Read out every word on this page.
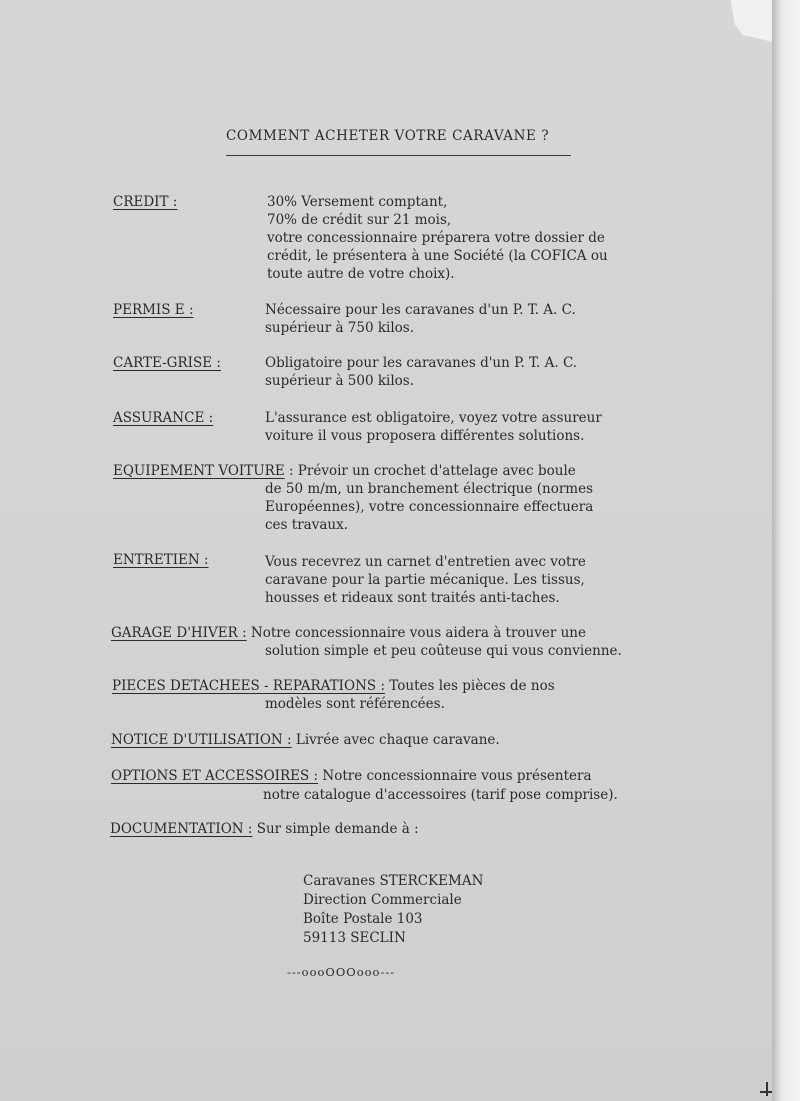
COMMENT ACHETER VOTRE CARAVANE ?
CREDIT :	30% Versement comptant,
70% de crédit sur 21 mois,
votre concessionnaire préparera votre dossier de
crédit, le présentera à une Société (la COFICA ou
toute autre de votre choix).
PERMIS E :	Nécessaire pour les caravanes d'un P. T. A. C.
supérieur à 750 kilos.
CARTE-GRISE :	Obligatoire pour les caravanes d'un P. T. A. C.
supérieur à 500 kilos.
ASSURANCE :	L'assurance est obligatoire, voyez votre assureur
voiture il vous proposera différentes solutions.
EQUIPEMENT VOITURE : Prévoir un crochet d'attelage avec boule
de 50 m/m, un branchement électrique (normes
Européennes), votre concessionnaire effectuera
ces travaux.
ENTRETIEN :	Vous recevrez un carnet d'entretien avec votre
caravane pour la partie mécanique. Les tissus,
housses et rideaux sont traités anti-taches.
GARAGE D'HIVER : Notre concessionnaire vous aidera à trouver une
solution simple et peu coûteuse qui vous convienne.
PIECES DETACHEES - REPARATIONS : Toutes les pièces de nos
modèles sont référencées.
NOTICE D'UTILISATION : Livrée avec chaque caravane.
OPTIONS ET ACCESSOIRES : Notre concessionnaire vous présentera
notre catalogue d'accessoires (tarif pose comprise).
DOCUMENTATION : Sur simple demande à :
Caravanes STERCKEMAN
Direction Commerciale
Boîte Postale 103
59113 SECLIN
---oooOOOooo---
